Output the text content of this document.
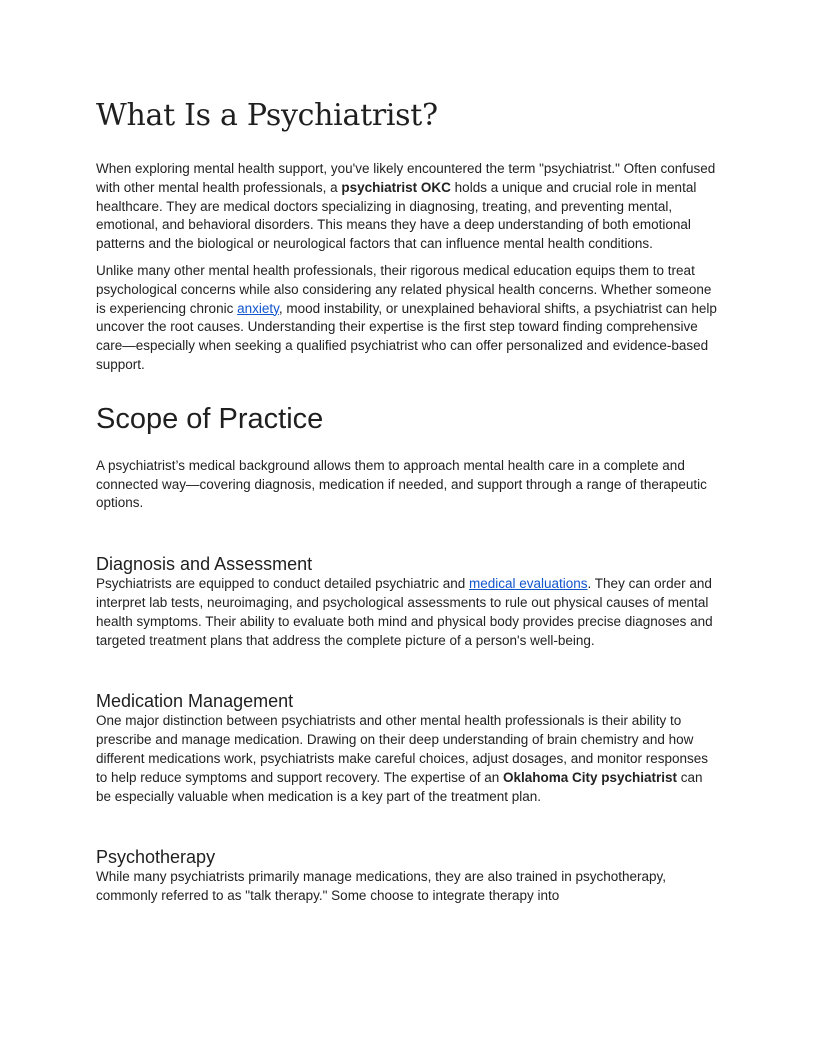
What Is a Psychiatrist?

When exploring mental health support, you've likely encountered the term "psychiatrist." Often confused with other mental health professionals, a psychiatrist OKC holds a unique and crucial role in mental healthcare. They are medical doctors specializing in diagnosing, treating, and preventing mental, emotional, and behavioral disorders. This means they have a deep understanding of both emotional patterns and the biological or neurological factors that can influence mental health conditions.

Unlike many other mental health professionals, their rigorous medical education equips them to treat psychological concerns while also considering any related physical health concerns. Whether someone is experiencing chronic anxiety, mood instability, or unexplained behavioral shifts, a psychiatrist can help uncover the root causes. Understanding their expertise is the first step toward finding comprehensive care—especially when seeking a qualified psychiatrist who can offer personalized and evidence-based support.

Scope of Practice

A psychiatrist’s medical background allows them to approach mental health care in a complete and connected way—covering diagnosis, medication if needed, and support through a range of therapeutic options.

Diagnosis and Assessment

Psychiatrists are equipped to conduct detailed psychiatric and medical evaluations. They can order and interpret lab tests, neuroimaging, and psychological assessments to rule out physical causes of mental health symptoms. Their ability to evaluate both mind and physical body provides precise diagnoses and targeted treatment plans that address the complete picture of a person's well-being.

Medication Management

One major distinction between psychiatrists and other mental health professionals is their ability to prescribe and manage medication. Drawing on their deep understanding of brain chemistry and how different medications work, psychiatrists make careful choices, adjust dosages, and monitor responses to help reduce symptoms and support recovery. The expertise of an Oklahoma City psychiatrist can be especially valuable when medication is a key part of the treatment plan.

Psychotherapy

While many psychiatrists primarily manage medications, they are also trained in psychotherapy, commonly referred to as "talk therapy." Some choose to integrate therapy into
